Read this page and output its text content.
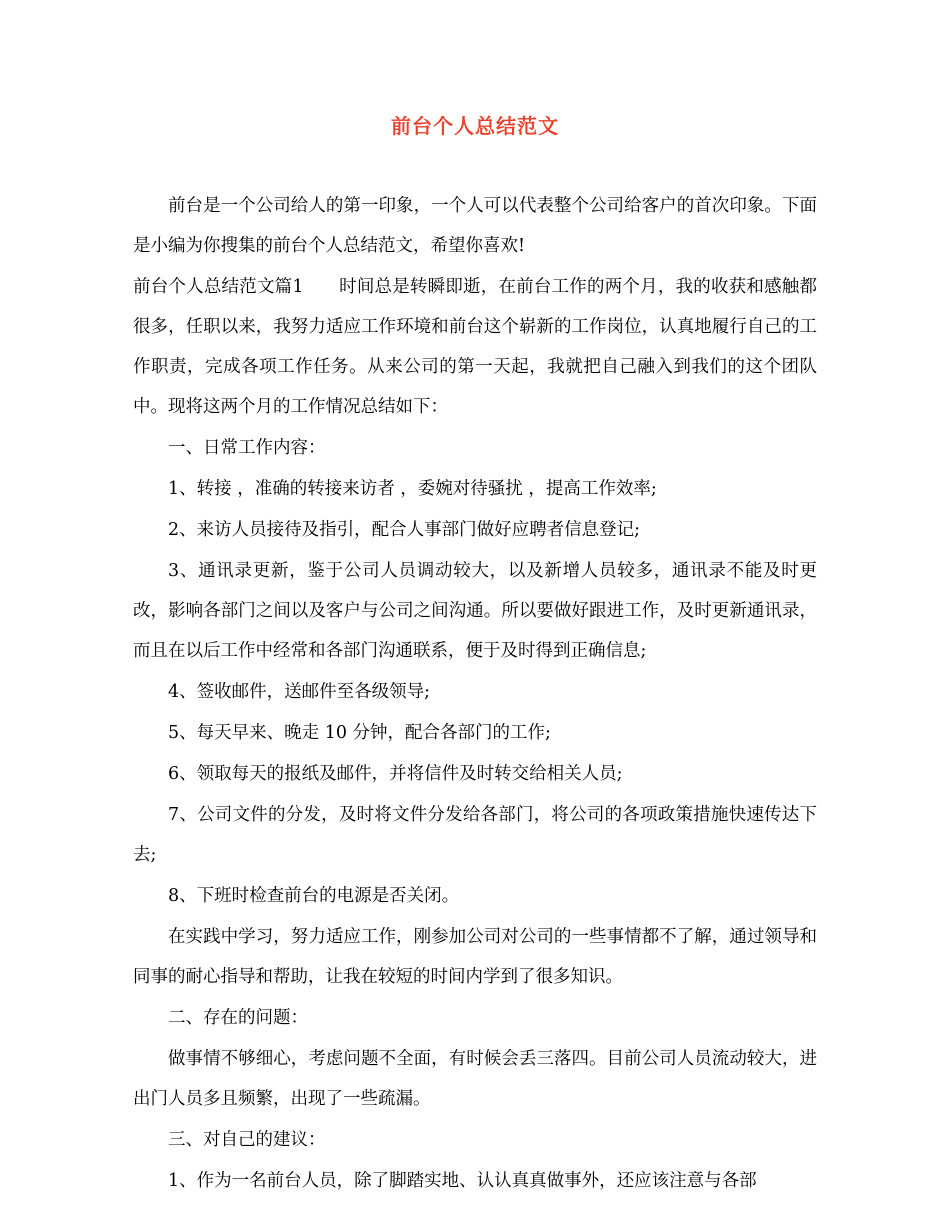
前台个人总结范文

前台是一个公司给人的第一印象，一个人可以代表整个公司给客户的首次印象。下面是小编为你搜集的前台个人总结范文，希望你喜欢!

前台个人总结范文篇1　　时间总是转瞬即逝，在前台工作的两个月，我的收获和感触都很多，任职以来，我努力适应工作环境和前台这个崭新的工作岗位，认真地履行自己的工作职责，完成各项工作任务。从来公司的第一天起，我就把自己融入到我们的这个团队中。现将这两个月的工作情况总结如下：

一、日常工作内容：

1、转接 ，准确的转接来访者 ，委婉对待骚扰 ，提高工作效率;

2、来访人员接待及指引，配合人事部门做好应聘者信息登记;

3、通讯录更新，鉴于公司人员调动较大，以及新增人员较多，通讯录不能及时更改，影响各部门之间以及客户与公司之间沟通。所以要做好跟进工作，及时更新通讯录，而且在以后工作中经常和各部门沟通联系，便于及时得到正确信息;

4、签收邮件，送邮件至各级领导;

5、每天早来、晚走 10 分钟，配合各部门的工作;

6、领取每天的报纸及邮件，并将信件及时转交给相关人员;

7、公司文件的分发，及时将文件分发给各部门，将公司的各项政策措施快速传达下去;

8、下班时检查前台的电源是否关闭。

在实践中学习，努力适应工作，刚参加公司对公司的一些事情都不了解，通过领导和同事的耐心指导和帮助，让我在较短的时间内学到了很多知识。

二、存在的问题：

做事情不够细心，考虑问题不全面，有时候会丢三落四。目前公司人员流动较大，进出门人员多且频繁，出现了一些疏漏。

三、对自己的建议：

1、作为一名前台人员，除了脚踏实地、认认真真做事外，还应该注意与各部
